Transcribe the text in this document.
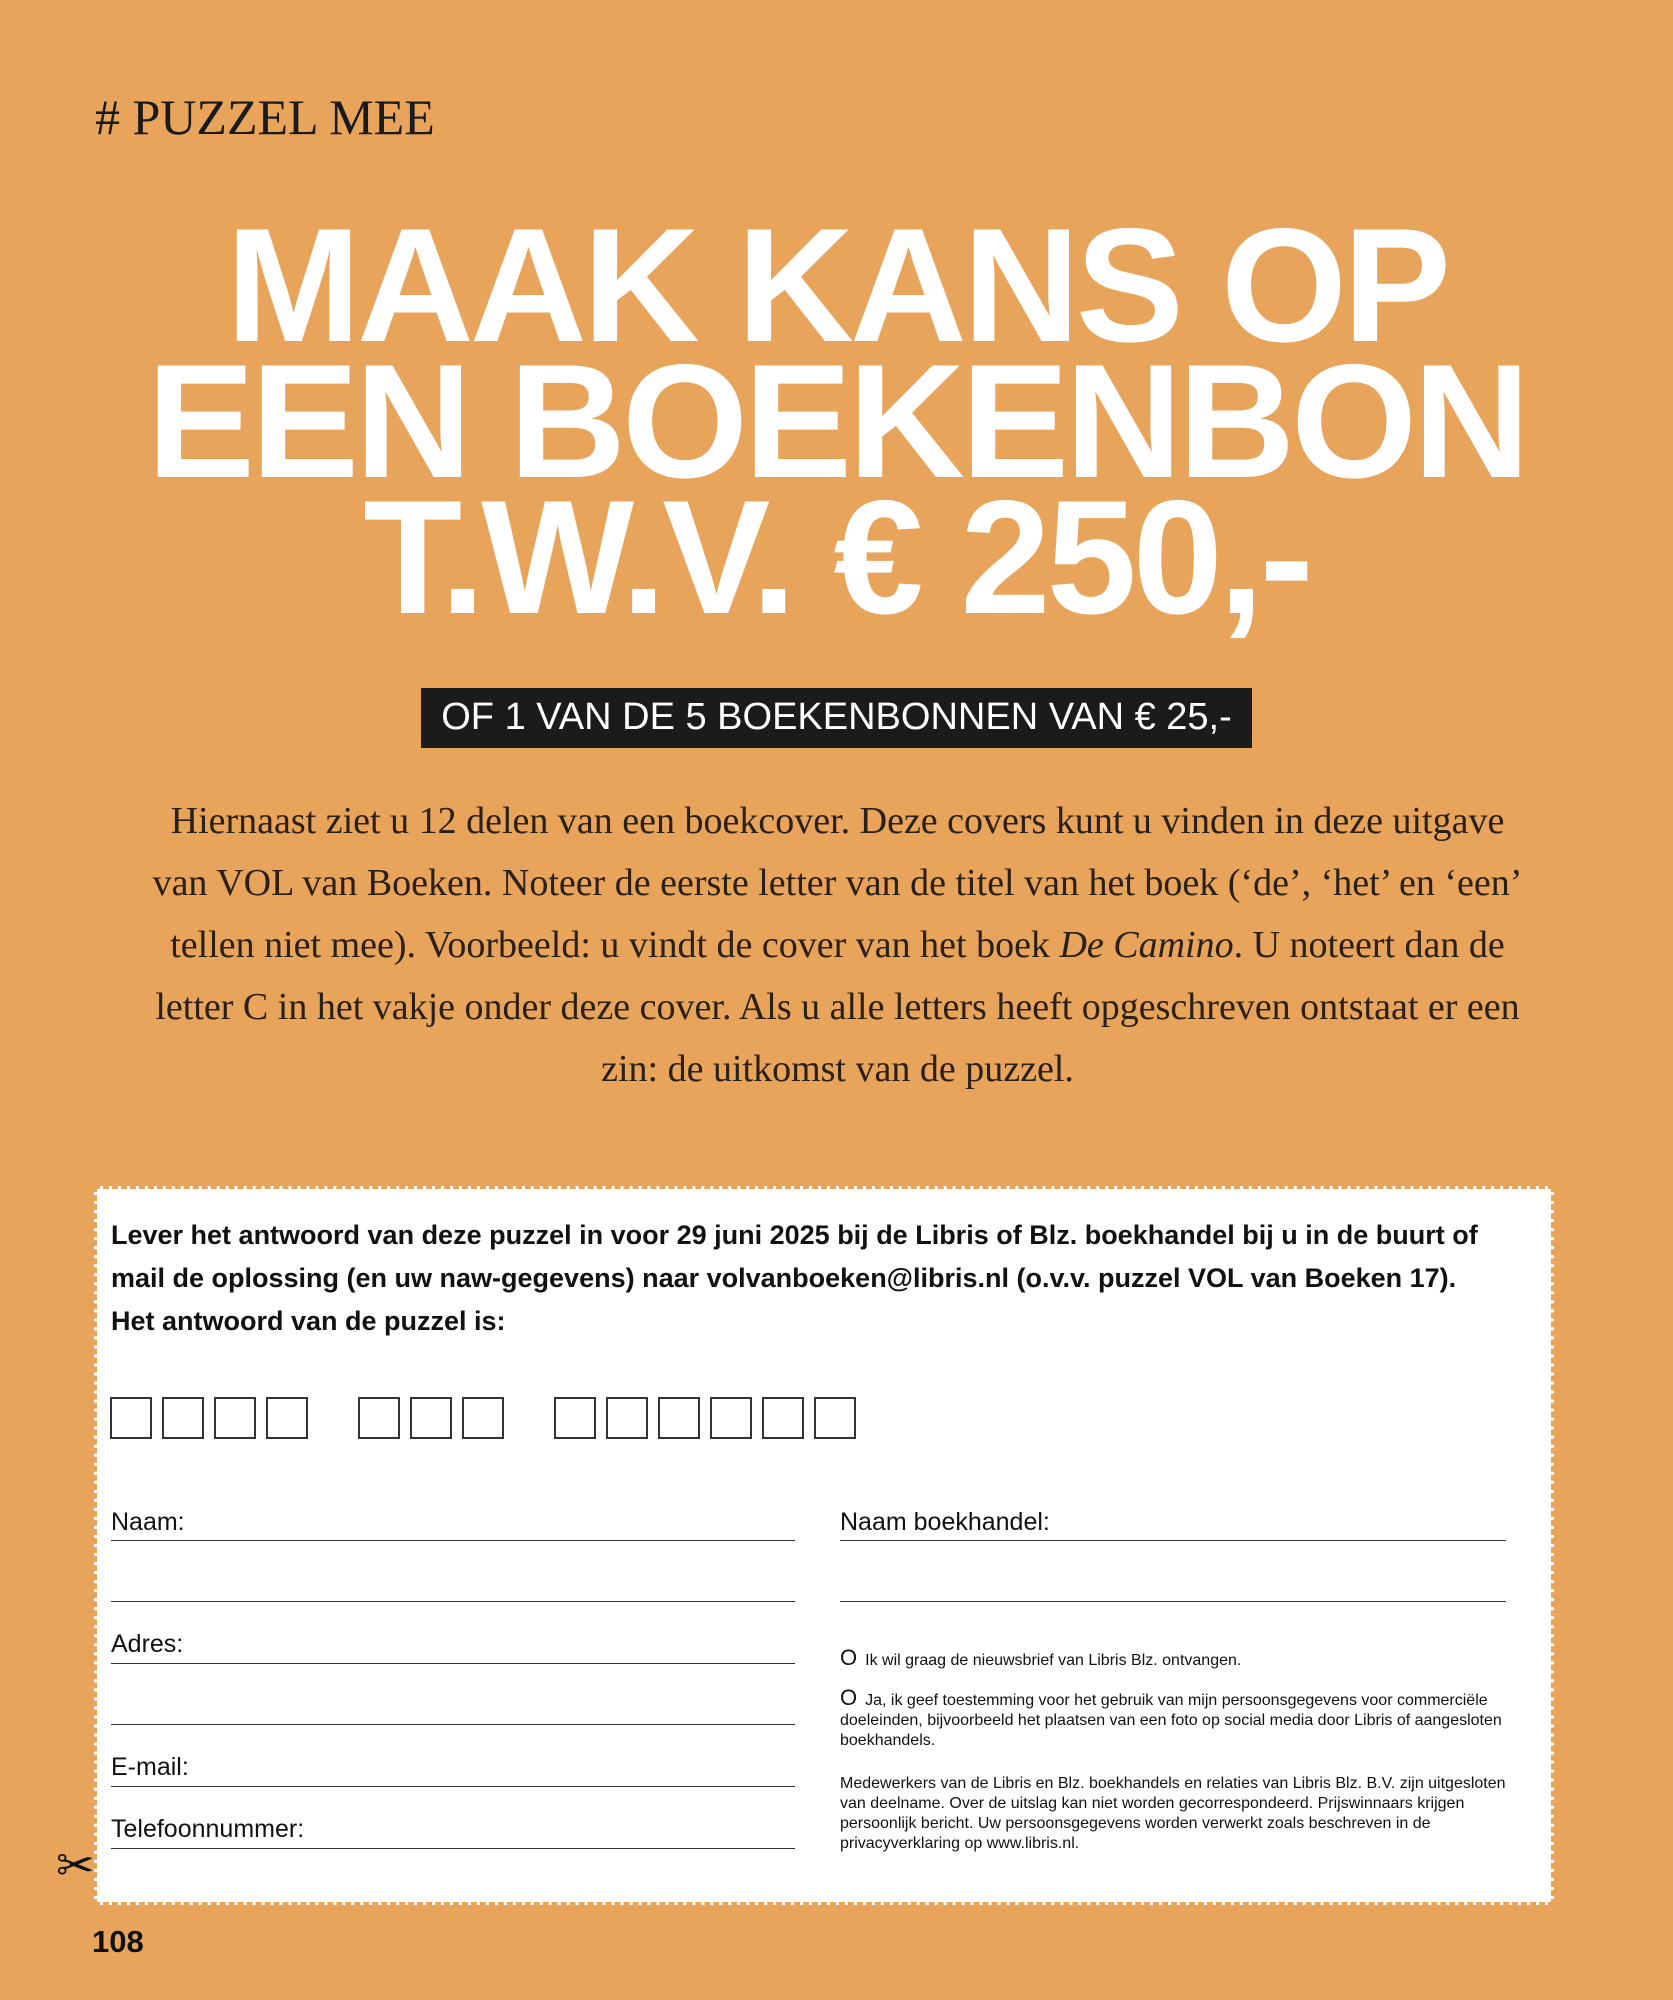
# PUZZEL MEE
MAAK KANS OP
EEN BOEKENBON
T.W.V. € 250,-
OF 1 VAN DE 5 BOEKENBONNEN VAN € 25,-

Hiernaast ziet u 12 delen van een boekcover. Deze covers kunt u vinden in deze uitgave van VOL van Boeken. Noteer de eerste letter van de titel van het boek (‘de’, ‘het’ en ‘een’ tellen niet mee). Voorbeeld: u vindt de cover van het boek De Camino. U noteert dan de letter C in het vakje onder deze cover. Als u alle letters heeft opgeschreven ontstaat er een zin: de uitkomst van de puzzel.

Lever het antwoord van deze puzzel in voor 29 juni 2025 bij de Libris of Blz. boekhandel bij u in de buurt of
mail de oplossing (en uw naw-gegevens) naar volvanboeken@libris.nl (o.v.v. puzzel VOL van Boeken 17).
Het antwoord van de puzzel is:
Naam:
Adres:
E-mail:
Telefoonnummer:
Naam boekhandel:
O Ik wil graag de nieuwsbrief van Libris Blz. ontvangen.
O Ja, ik geef toestemming voor het gebruik van mijn persoonsgegevens voor commerciële doeleinden, bijvoorbeeld het plaatsen van een foto op social media door Libris of aangesloten boekhandels.
Medewerkers van de Libris en Blz. boekhandels en relaties van Libris Blz. B.V. zijn uitgesloten van deelname. Over de uitslag kan niet worden gecorrespondeerd. Prijswinnaars krijgen persoonlijk bericht. Uw persoonsgegevens worden verwerkt zoals beschreven in de privacyverklaring op www.libris.nl.
✂
108
